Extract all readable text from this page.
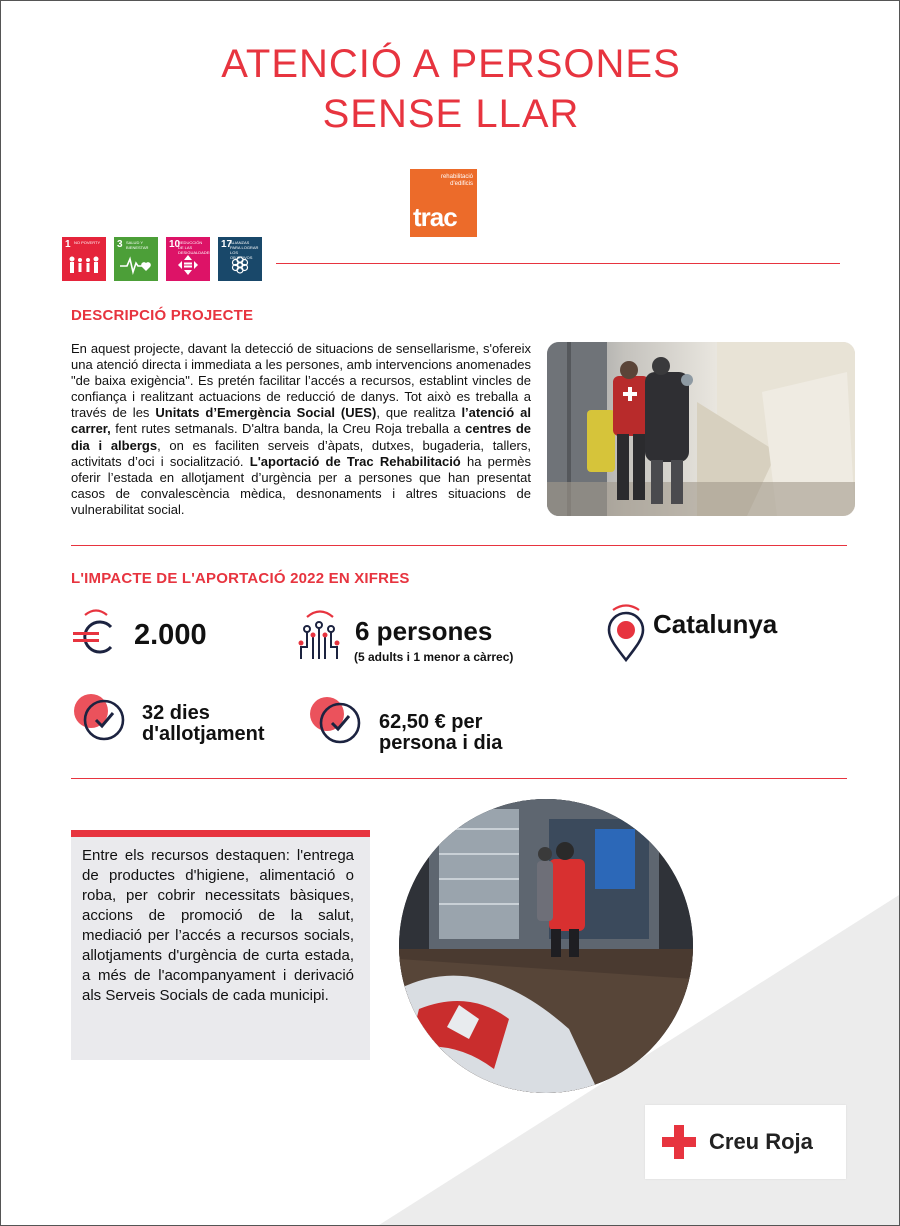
ATENCIÓ A PERSONES
SENSE LLAR
rehabilitació
d'edificis
trac
1 NO POVERTY	3 SALUD Y BIENESTAR	10
REDUCCIÓN DE LAS DESIGUALDADES
17
ALIANZAS PARA LOGRAR LOS OBJETIVOS
DESCRIPCIÓ PROJECTE

En aquest projecte, davant la detecció de situacions de sensellarisme, s'ofereix una atenció directa i immediata a les persones, amb intervencions anomenades "de baixa exigència". Es pretén facilitar l’accés a recursos, establint vincles de confiança i realitzant actuacions de reducció de danys. Tot això es treballa a través de les Unitats d’Emergència Social (UES), que realitza l’atenció al carrer, fent rutes setmanals. D'altra banda, la Creu Roja treballa a centres de dia i albergs, on es faciliten serveis d’àpats, dutxes, bugaderia, tallers, activitats d’oci i socialització. L'aportació de Trac Rehabilitació ha permès oferir l’estada en allotjament d’urgència per a persones que han presentat casos de convalescència mèdica, desnonaments i altres situacions de vulnerabilitat social.

L'IMPACTE DE L'APORTACIÓ 2022 EN XIFRES
2.000	6 persones
(5 adults i 1 menor a càrrec)
Catalunya
32 dies
d'allotjament
62,50 € per
persona i dia

Entre els recursos destaquen: l'entrega de productes d'higiene, alimentació o roba, per cobrir necessitats bàsiques, accions de promoció de la salut, mediació per l’accés a recursos socials, allotjaments d'urgència de curta estada, a més de l'acompanyament i derivació als Serveis Socials de cada municipi.

Creu Roja
